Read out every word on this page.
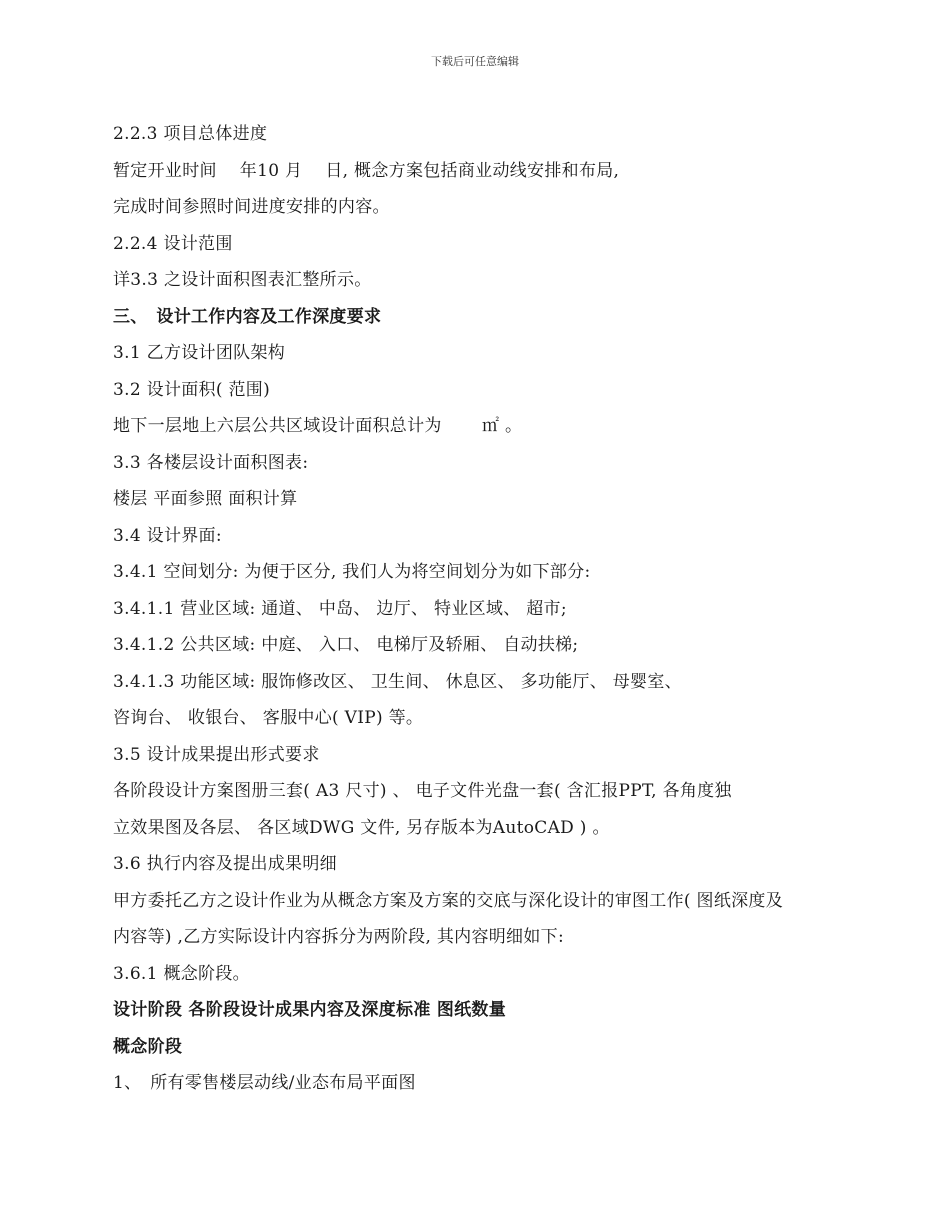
下载后可任意编辑
2.2.3 项目总体进度
暂定开业时间　 年10 月　 日, 概念方案包括商业动线安排和布局,
完成时间参照时间进度安排的内容。
2.2.4 设计范围
详3.3 之设计面积图表汇整所示。
三、　设计工作内容及工作深度要求
3.1 乙方设计团队架构
3.2 设计面积( 范围)
地下一层地上六层公共区域设计面积总计为　　 ㎡ 。
3.3 各楼层设计面积图表:
楼层 平面参照 面积计算
3.4 设计界面:
3.4.1 空间划分: 为便于区分, 我们人为将空间划分为如下部分:
3.4.1.1 营业区域: 通道、 中岛、 边厅、 特业区域、 超市;
3.4.1.2 公共区域: 中庭、 入口、 电梯厅及轿厢、 自动扶梯;
3.4.1.3 功能区域: 服饰修改区、 卫生间、 休息区、 多功能厅、 母婴室、
咨询台、 收银台、 客服中心( VIP) 等。
3.5 设计成果提出形式要求
各阶段设计方案图册三套( A3 尺寸) 、 电子文件光盘一套( 含汇报PPT, 各角度独
立效果图及各层、 各区域DWG 文件, 另存版本为AutoCAD ) 。
3.6 执行内容及提出成果明细
甲方委托乙方之设计作业为从概念方案及方案的交底与深化设计的审图工作( 图纸深度及
内容等) ,乙方实际设计内容拆分为两阶段, 其内容明细如下:
3.6.1 概念阶段。
设计阶段 各阶段设计成果内容及深度标准 图纸数量
概念阶段
1、　所有零售楼层动线/业态布局平面图
